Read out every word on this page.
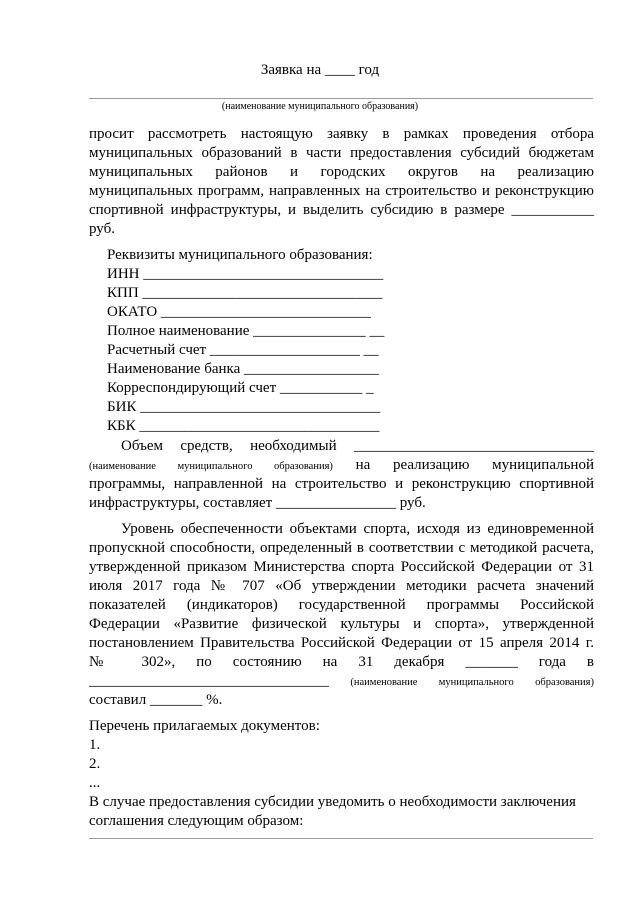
Заявка на ____ год
(наименование муниципального образования)
просит рассмотреть настоящую заявку в рамках проведения отбора
муниципальных образований в части предоставления субсидий бюджетам
муниципальных районов и городских округов на реализацию
муниципальных программ, направленных на строительство и реконструкцию
спортивной инфраструктуры, и выделить субсидию в размере ___________
руб.
Реквизиты муниципального образования:
ИНН ________________________________
КПП ________________________________
ОКАТО ____________________________
Полное наименование _______________ __
Расчетный счет ____________________ __
Наименование банка __________________
Корреспондирующий счет ___________ _
БИК ________________________________
КБК ________________________________
Объем средств, необходимый ________________________________
(наименование муниципального образования) на реализацию муниципальной
программы, направленной на строительство и реконструкцию спортивной
инфраструктуры, составляет ________________ руб.
Уровень обеспеченности объектами спорта, исходя из единовременной
пропускной способности, определенный в соответствии с методикой расчета,
утвержденной приказом Министерства спорта Российской Федерации от 31
июля 2017 года № 707 «Об утверждении методики расчета значений
показателей (индикаторов) государственной программы Российской
Федерации «Развитие физической культуры и спорта», утвержденной
постановлением Правительства Российской Федерации от 15 апреля 2014 г.
№ 302», по состоянию на 31 декабря _______ года в
________________________________ (наименование муниципального образования)
составил _______ %.
Перечень прилагаемых документов:
1.
2.
...
В случае предоставления субсидии уведомить о необходимости заключения
соглашения следующим образом:
